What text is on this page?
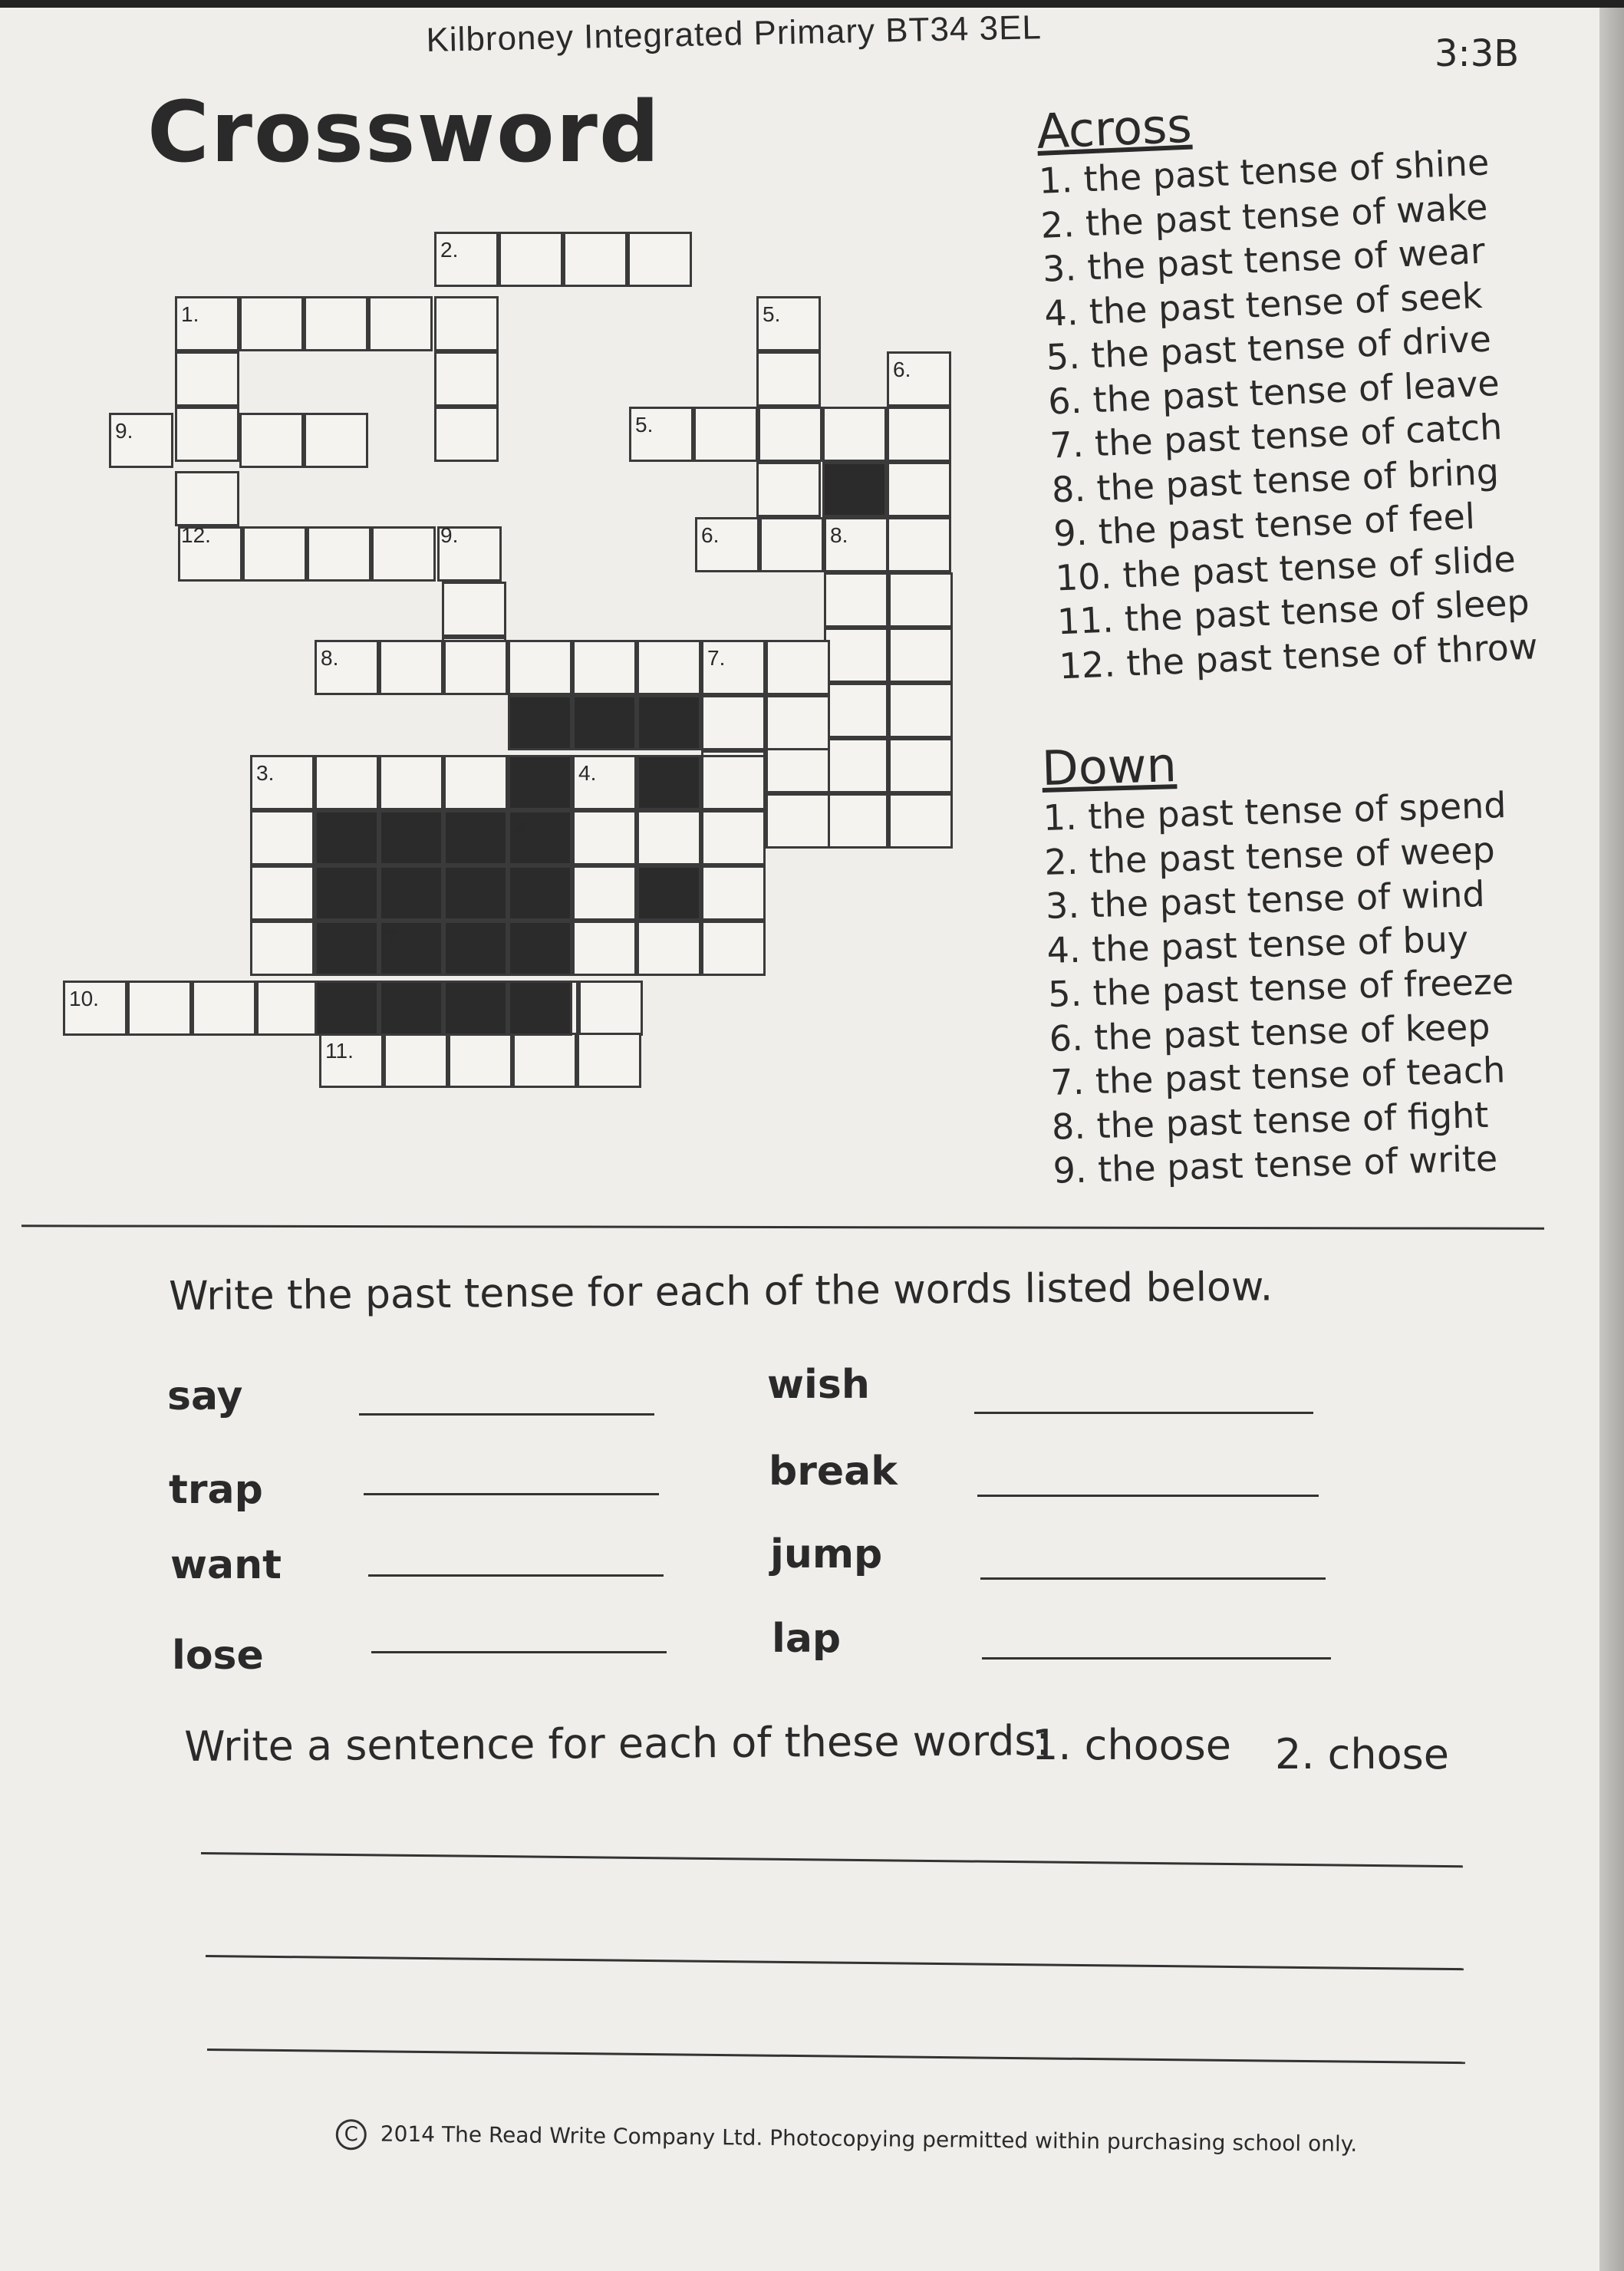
Kilbroney Integrated Primary BT34 3EL	3:3B
Crossword	Across
1. the past tense of shine
2. the past tense of wake
3. the past tense of wear
4. the past tense of seek
5. the past tense of drive
6. the past tense of leave
7. the past tense of catch
8. the past tense of bring
9. the past tense of feel
10. the past tense of slide
11. the past tense of sleep
12. the past tense of throw
Down
1. the past tense of spend
2. the past tense of weep
3. the past tense of wind
4. the past tense of buy
5. the past tense of freeze
6. the past tense of keep
7. the past tense of teach
8. the past tense of fight
9. the past tense of write
1.
2.
3.	4.
4.
5.
5.
6.
6.
7.
7.
8.
8.
9.
9.
10.
11.
12.
Write the past tense for each of the words listed below.
say
trap
want
lose
wish
break
jump
lap
Write a sentence for each of these words:
1. choose 2. chose
C 2014 The Read Write Company Ltd. Photocopying permitted within purchasing school only.
